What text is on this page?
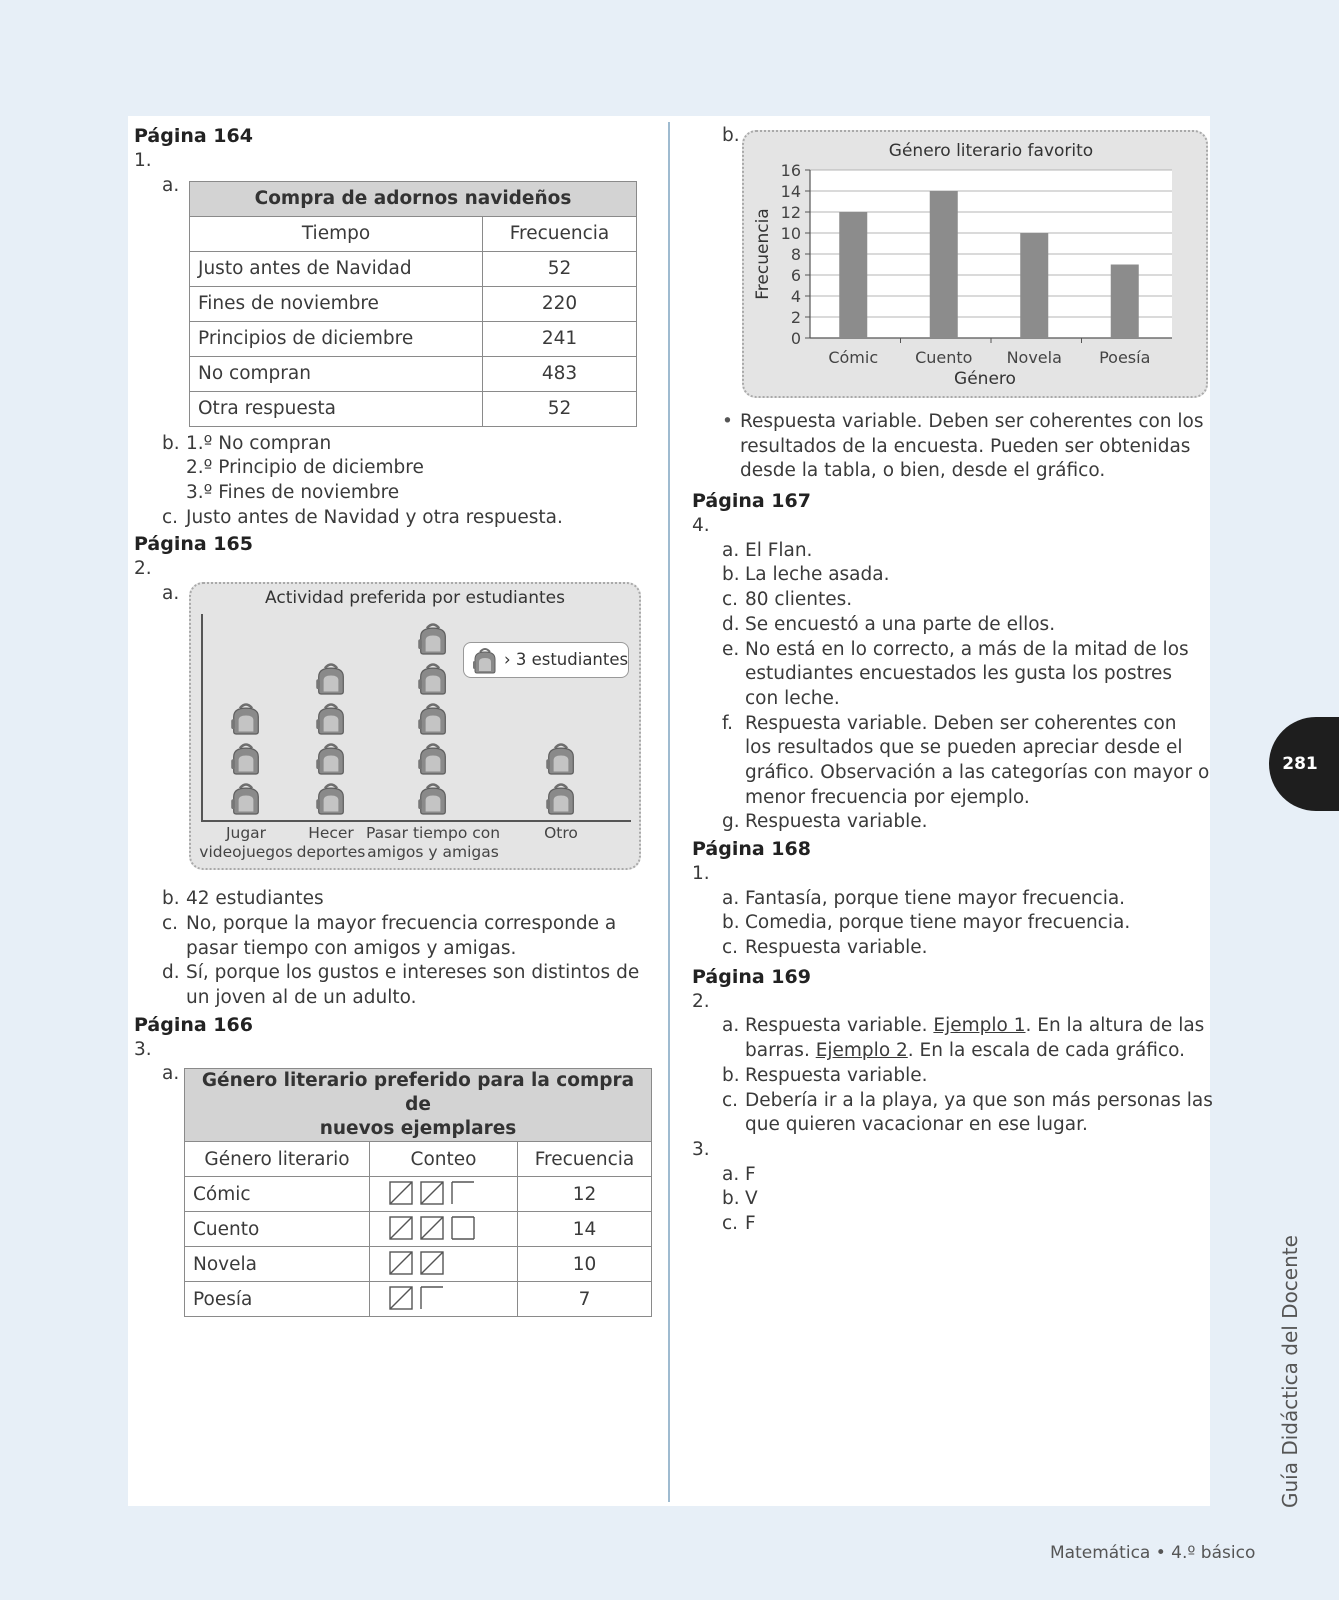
Página 164
1.
a.
Compra de adornos navideños	
Tiempo	Frecuencia
Justo antes de Navidad	52
Fines de noviembre	220
Principios de diciembre	241
No compran	483
Otra respuesta	52
b. 1.º No compran
2.º Principio de diciembre
3.º Fines de noviembre
c. Justo antes de Navidad y otra respuesta.
Página 165
2.
a.	Actividad preferida por estudiantes
› 3 estudiantes
Jugar
videojuegos
Hecer
deportes
Pasar tiempo con
amigos y amigas
Otro
b. 42 estudiantes
c. No, porque la mayor frecuencia corresponde a
pasar tiempo con amigos y amigas.
d. Sí, porque los gustos e intereses son distintos de
un joven al de un adulto.
Página 166
3.
a. Género literario preferido para la compra de
nuevos ejemplares		
Género literario	Conteo	Frecuencia
Cómic		12
Cuento		14
Novela		10
Poesía		7
b.
0
2
4
6
8
10
12
14
16
Cómic Cuento Novela Poesía
Género literario favorito
Género
Frecuencia
• Respuesta variable. Deben ser coherentes con los
resultados de la encuesta. Pueden ser obtenidas
desde la tabla, o bien, desde el gráfico.
Página 167
4.
a. El Flan.
b. La leche asada.
c. 80 clientes.
d. Se encuestó a una parte de ellos.
e. No está en lo correcto, a más de la mitad de los
estudiantes encuestados les gusta los postres
con leche.
f. Respuesta variable. Deben ser coherentes con
los resultados que se pueden apreciar desde el
gráfico. Observación a las categorías con mayor o
menor frecuencia por ejemplo.
g. Respuesta variable.
Página 168
1.
a. Fantasía, porque tiene mayor frecuencia.
b. Comedia, porque tiene mayor frecuencia.
c. Respuesta variable.
Página 169
2.
a. Respuesta variable. Ejemplo 1. En la altura de las
barras. Ejemplo 2. En la escala de cada gráfico.
b. Respuesta variable.
c. Debería ir a la playa, ya que son más personas las
que quieren vacacionar en ese lugar.
3.
a. F
b. V
c. F
281
Guía Didáctica del Docente
Matemática • 4.º básico
